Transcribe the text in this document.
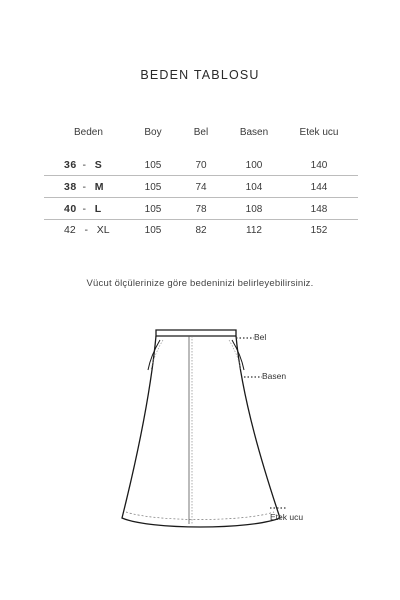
BEDEN TABLOSU
Beden	Boy	Bel	Basen	Etek ucu
36 - S	105	70	100	140
38 - M	105	74	104	144
40 - L	105	78	108	148
42 - XL	105	82	112	152
Vücut ölçülerinize göre bedeninizi belirleyebilirsiniz.
Bel
Basen
Etek ucu
